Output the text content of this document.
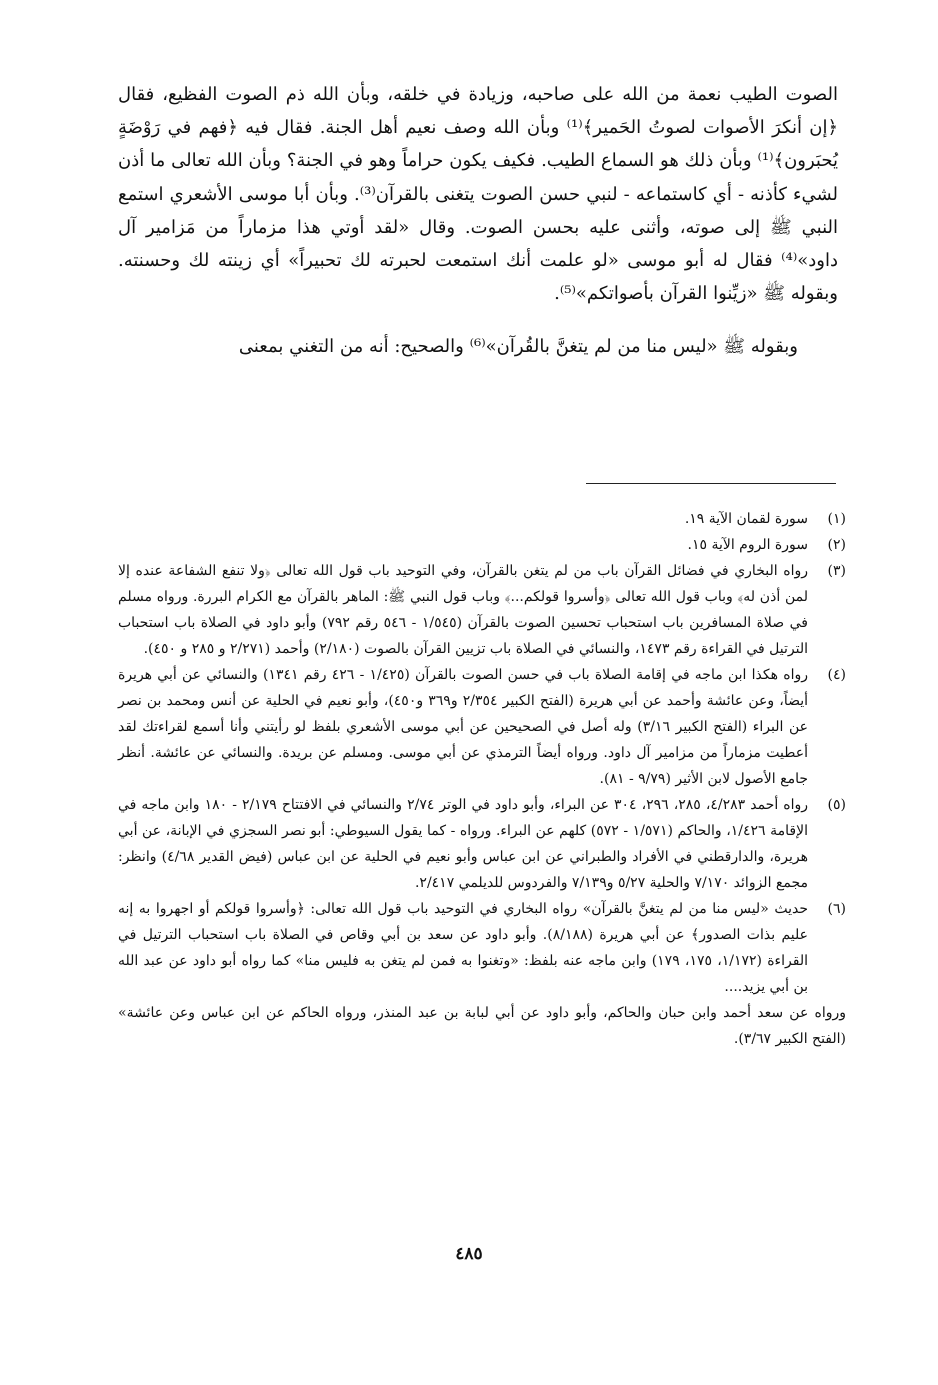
الصوت الطيب نعمة من الله على صاحبه، وزيادة في خلقه، وبأن الله ذم الصوت الفظيع، فقال ﴿إن أنكرَ الأصوات لصوتُ الحَمير﴾⁽¹⁾ وبأن الله وصف نعيم أهل الجنة. فقال فيه ﴿فهم في رَوْضَةٍ يُحبَرون﴾⁽¹⁾ وبأن ذلك هو السماع الطيب. فكيف يكون حراماً وهو في الجنة؟ وبأن الله تعالى ما أذن لشيء كأذنه - أي كاستماعه - لنبي حسن الصوت يتغنى بالقرآن⁽³⁾. وبأن أبا موسى الأشعري استمع النبي ﷺ إلى صوته، وأثنى عليه بحسن الصوت. وقال «لقد أوتي هذا مزماراً من مَزامير آل داود»⁽⁴⁾ فقال له أبو موسى «لو علمت أنك استمعت لحبرته لك تحبيراً» أي زينته لك وحسنته. وبقوله ﷺ «زيِّنوا القرآن بأصواتكم»⁽⁵⁾.

وبقوله ﷺ «ليس منا من لم يتغنَّ بالقُرآن»⁽⁶⁾ والصحيح: أنه من التغني بمعنى

(١)
سورة لقمان الآية ١٩.
(٢)
سورة الروم الآية ١٥.
(٣)
رواه البخاري في فضائل القرآن باب من لم يتغن بالقرآن، وفي التوحيد باب قول الله تعالى ﴿ولا تنفع الشفاعة عنده إلا لمن أذن له﴾ وباب قول الله تعالى ﴿وأسروا قولكم...﴾ وباب قول النبي ﷺ: الماهر بالقرآن مع الكرام البررة. ورواه مسلم في صلاة المسافرين باب استحباب تحسين الصوت بالقرآن (١/٥٤٥ - ٥٤٦ رقم ٧٩٢) وأبو داود في الصلاة باب استحباب الترتيل في القراءة رقم ١٤٧٣، والنسائي في الصلاة باب تزيين القرآن بالصوت (٢/١٨٠) وأحمد (٢/٢٧١ و ٢٨٥ و ٤٥٠).
(٤)
رواه هكذا ابن ماجه في إقامة الصلاة باب في حسن الصوت بالقرآن (١/٤٢٥ - ٤٢٦ رقم ١٣٤١) والنسائي عن أبي هريرة أيضاً، وعن عائشة وأحمد عن أبي هريرة (الفتح الكبير ٢/٣٥٤ و٣٦٩ و٤٥٠)، وأبو نعيم في الحلية عن أنس ومحمد بن نصر عن البراء (الفتح الكبير ٣/١٦) وله أصل في الصحيحين عن أبي موسى الأشعري بلفظ لو رأيتني وأنا أسمع لقراءتك لقد أعطيت مزماراً من مزامير آل داود. ورواه أيضاً الترمذي عن أبي موسى. ومسلم عن بريدة. والنسائي عن عائشة. أنظر جامع الأصول لابن الأثير (٩/٧٩ - ٨١).
(٥)
رواه أحمد ٤/٢٨٣، ٢٨٥، ٢٩٦، ٣٠٤ عن البراء، وأبو داود في الوتر ٢/٧٤ والنسائي في الافتتاح ٢/١٧٩ - ١٨٠ وابن ماجه في الإقامة ١/٤٢٦، والحاكم (١/٥٧١ - ٥٧٢) كلهم عن البراء. ورواه - كما يقول السيوطي: أبو نصر السجزي في الإبانة، عن أبي هريرة، والدارقطني في الأفراد والطبراني عن ابن عباس وأبو نعيم في الحلية عن ابن عباس (فيض القدير ٤/٦٨) وانظر: مجمع الزوائد ٧/١٧٠ والحلية ٥/٢٧ و٧/١٣٩ والفردوس للديلمي ٢/٤١٧.
(٦)
حديث «ليس منا من لم يتغنَّ بالقرآن» رواه البخاري في التوحيد باب قول الله تعالى: ﴿وأسروا قولكم أو اجهروا به إنه عليم بذات الصدور﴾ عن أبي هريرة (٨/١٨٨). وأبو داود عن سعد بن أبي وقاص في الصلاة باب استحباب الترتيل في القراءة (١/١٧٢، ١٧٥، ١٧٩) وابن ماجه عنه بلفظ: «وتغنوا به فمن لم يتغن به فليس منا» كما رواه أبو داود عن عبد الله بن أبي يزيد....

ورواه عن سعد أحمد وابن حبان والحاكم، وأبو داود عن أبي لبابة بن عبد المنذر، ورواه الحاكم عن ابن عباس وعن عائشة» (الفتح الكبير ٣/٦٧).

٤٨٥
